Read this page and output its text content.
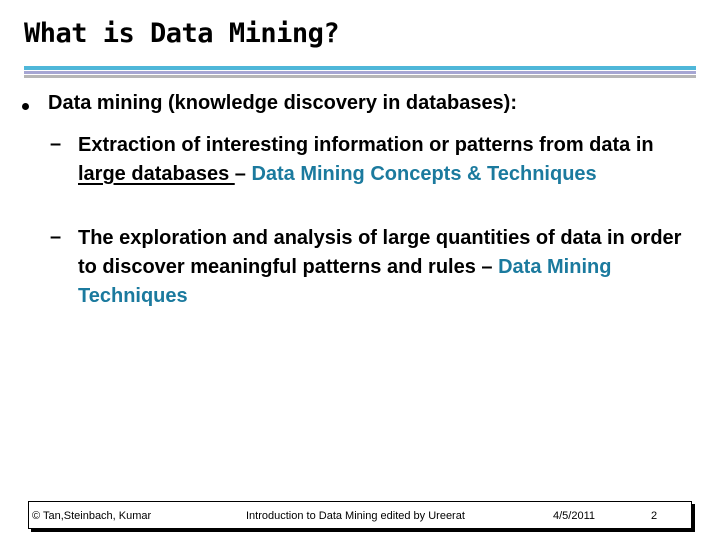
What is Data Mining?

Data mining (knowledge discovery in databases):

– Extraction of interesting information or patterns from data in large databases – Data Mining Concepts & Techniques

– The exploration and analysis of large quantities of data in order to discover meaningful patterns and rules – Data Mining Techniques

© Tan,Steinbach, Kumar	Introduction to Data Mining edited by Ureerat	4/5/2011	2
